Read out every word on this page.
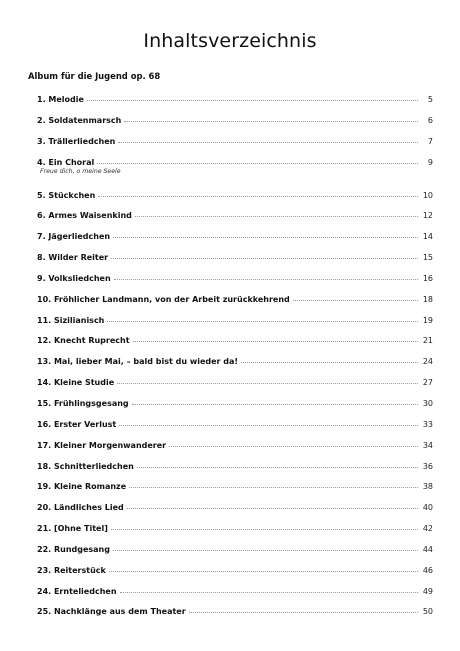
Inhaltsverzeichnis
Album für die Jugend op. 68
1. Melodie	5
2. Soldatenmarsch	6
3. Trällerliedchen	7
4. Ein Choral	9
Freue dich, o meine Seele
5. Stückchen	10
6. Armes Waisenkind	12
7. Jägerliedchen	14
8. Wilder Reiter	15
9. Volksliedchen	16
10. Fröhlicher Landmann, von der Arbeit zurückkehrend	18
11. Sizilianisch	19
12. Knecht Ruprecht	21
13. Mai, lieber Mai, – bald bist du wieder da!	24
14. Kleine Studie	27
15. Frühlingsgesang	30
16. Erster Verlust	33
17. Kleiner Morgenwanderer	34
18. Schnitterliedchen	36
19. Kleine Romanze	38
20. Ländliches Lied	40
21. [Ohne Titel]	42
22. Rundgesang	44
23. Reiterstück	46
24. Ernteliedchen	49
25. Nachklänge aus dem Theater	50
